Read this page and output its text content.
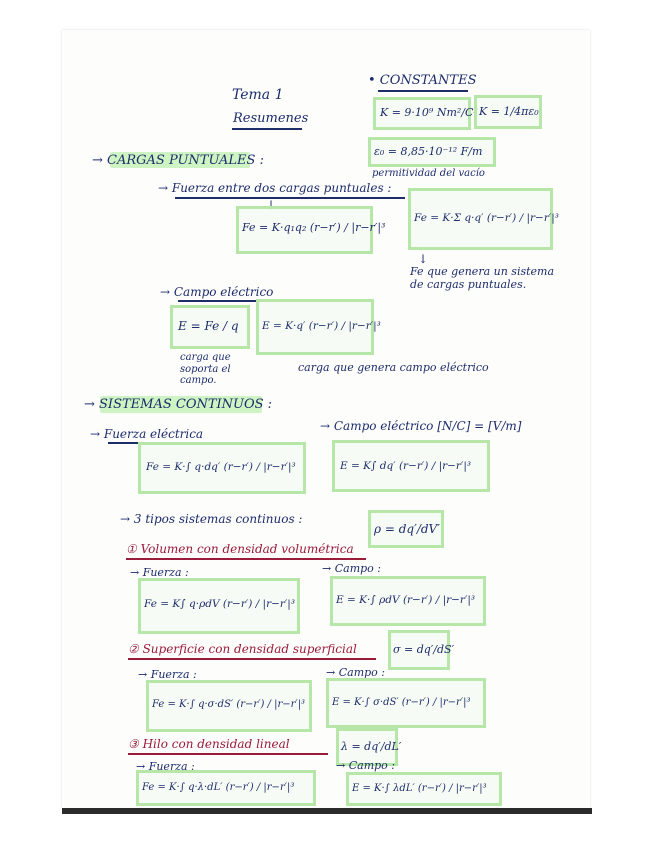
Tema 1
Resumenes
• CONSTANTES
K = 9·10⁹ Nm²/C² K = 1/4πε₀
ε₀ = 8,85·10⁻¹² F/m
permitividad del vacío
→ CARGAS PUNTUALES :
→ Fuerza entre dos cargas puntuales :
↓
Fe = K·q₁q₂ (r−r′) / |r−r′|³
Fe = K·Σ q·q′ (r−r′) / |r−r′|³
↓
Fe que genera un sistema de cargas puntuales.
→ Campo eléctrico
E = Fe / q E = K·q′ (r−r′) / |r−r′|³
carga que soporta el campo.
carga que genera campo eléctrico
→ SISTEMAS CONTINUOS :
→ Fuerza eléctrica
Fe = K·∫ q·dq′ (r−r′) / |r−r′|³
→ Campo eléctrico [N/C] = [V/m]
E = K∫ dq′ (r−r′) / |r−r′|³
→ 3 tipos sistemas continuos :
ρ = dq′/dV′
① Volumen con densidad volumétrica
→ Fuerza :	→ Campo :
Fe = K∫ q·ρdV (r−r′) / |r−r′|³	E = K·∫ ρdV (r−r′) / |r−r′|³
② Superficie con densidad superficial	σ = dq′/dS′
→ Fuerza :	→ Campo :
Fe = K·∫ q·σ·dS′ (r−r′) / |r−r′|³	E = K·∫ σ·dS′ (r−r′) / |r−r′|³
③ Hilo con densidad lineal	λ = dq′/dL′
→ Fuerza :	→ Campo :
Fe = K·∫ q·λ·dL′ (r−r′) / |r−r′|³	E = K·∫ λdL′ (r−r′) / |r−r′|³
